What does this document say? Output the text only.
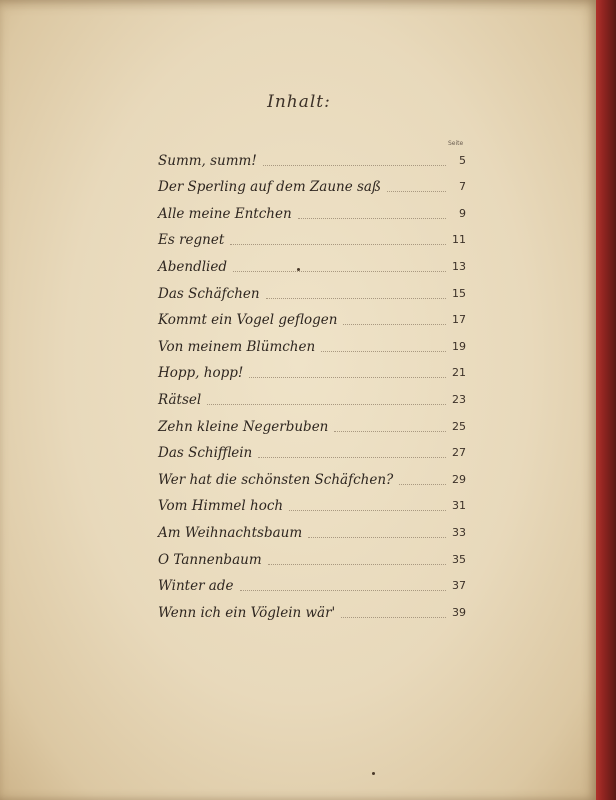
Inhalt:
Seite
Summ, summ!	5
Der Sperling auf dem Zaune saß	7
Alle meine Entchen	9
Es regnet	11
Abendlied	13
Das Schäfchen	15
Kommt ein Vogel geflogen	17
Von meinem Blümchen	19
Hopp, hopp!	21
Rätsel	23
Zehn kleine Negerbuben	25
Das Schifflein	27
Wer hat die schönsten Schäfchen?	29
Vom Himmel hoch	31
Am Weihnachtsbaum	33
O Tannenbaum	35
Winter ade	37
Wenn ich ein Vöglein wär'	39
